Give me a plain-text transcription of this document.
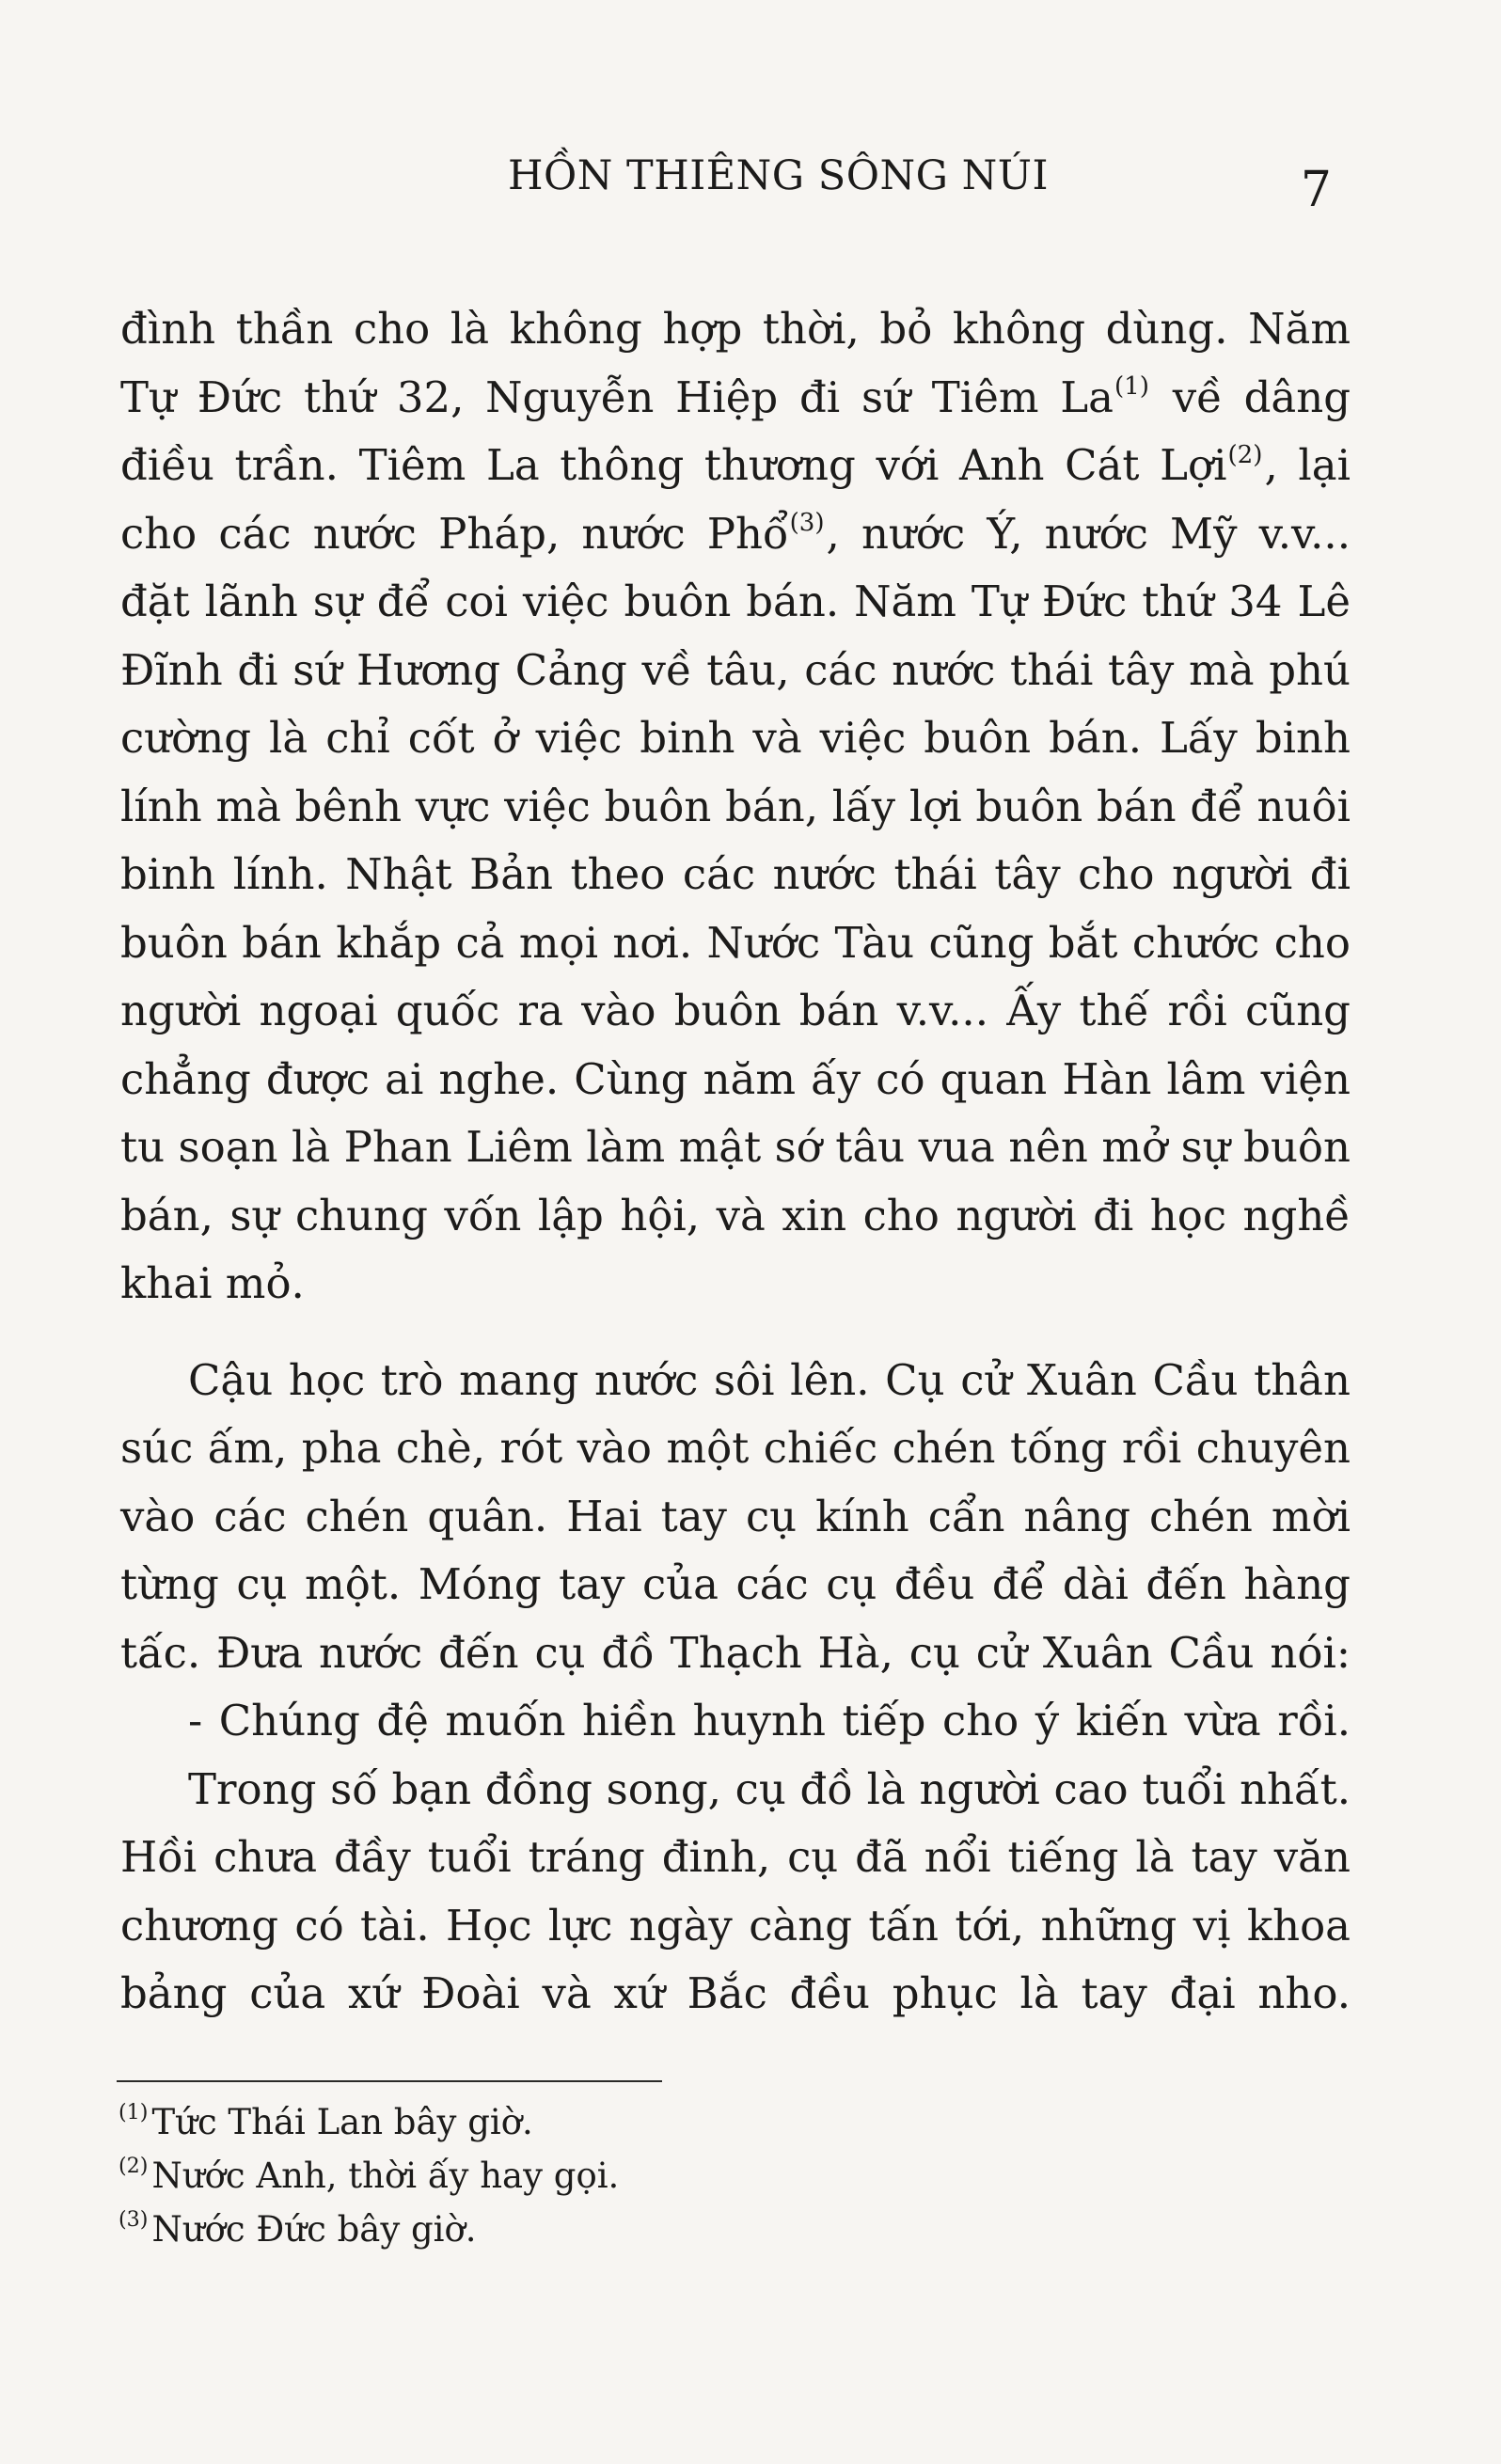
HỒN THIÊNG SÔNG NÚI	7
đình thần cho là không hợp thời, bỏ không dùng. Năm
Tự Đức thứ 32, Nguyễn Hiệp đi sứ Tiêm La$^{(1)}$ về dâng
điều trần. Tiêm La thông thương với Anh Cát Lợi$^{(2)}$, lại
cho các nước Pháp, nước Phổ$^{(3)}$, nước Ý, nước Mỹ v.v...
đặt lãnh sự để coi việc buôn bán. Năm Tự Đức thứ 34 Lê
Đĩnh đi sứ Hương Cảng về tâu, các nước thái tây mà phú
cường là chỉ cốt ở việc binh và việc buôn bán. Lấy binh
lính mà bênh vực việc buôn bán, lấy lợi buôn bán để nuôi
binh lính. Nhật Bản theo các nước thái tây cho người đi
buôn bán khắp cả mọi nơi. Nước Tàu cũng bắt chước cho
người ngoại quốc ra vào buôn bán v.v... Ấy thế rồi cũng
chẳng được ai nghe. Cùng năm ấy có quan Hàn lâm viện
tu soạn là Phan Liêm làm mật sớ tâu vua nên mở sự buôn
bán, sự chung vốn lập hội, và xin cho người đi học nghề
khai mỏ.
Cậu học trò mang nước sôi lên. Cụ cử Xuân Cầu thân
súc ấm, pha chè, rót vào một chiếc chén tống rồi chuyên
vào các chén quân. Hai tay cụ kính cẩn nâng chén mời
từng cụ một. Móng tay của các cụ đều để dài đến hàng
tấc. Đưa nước đến cụ đồ Thạch Hà, cụ cử Xuân Cầu nói:
- Chúng đệ muốn hiền huynh tiếp cho ý kiến vừa rồi.
Trong số bạn đồng song, cụ đồ là người cao tuổi nhất.
Hồi chưa đầy tuổi tráng đinh, cụ đã nổi tiếng là tay văn
chương có tài. Học lực ngày càng tấn tới, những vị khoa
bảng của xứ Đoài và xứ Bắc đều phục là tay đại nho.
$^{(1)}$ Tức Thái Lan bây giờ.
$^{(2)}$ Nước Anh, thời ấy hay gọi.
$^{(3)}$ Nước Đức bây giờ.
